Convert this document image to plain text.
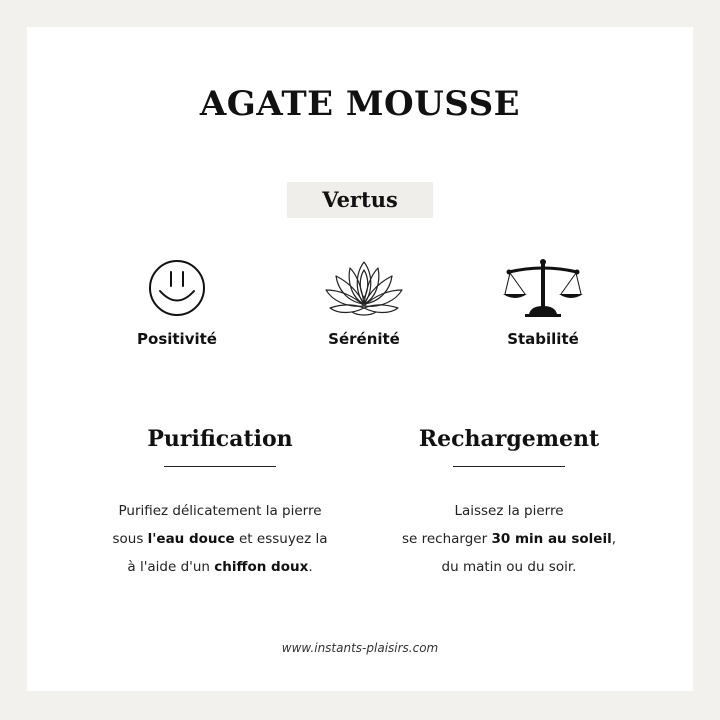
AGATE MOUSSE
Vertus
Positivité	Sérénité	Stabilité
Purification
Purifiez délicatement la pierre
sous l'eau douce et essuyez la
à l'aide d'un chiffon doux.
Rechargement
Laissez la pierre
se recharger 30 min au soleil,
du matin ou du soir.
www.instants-plaisirs.com
